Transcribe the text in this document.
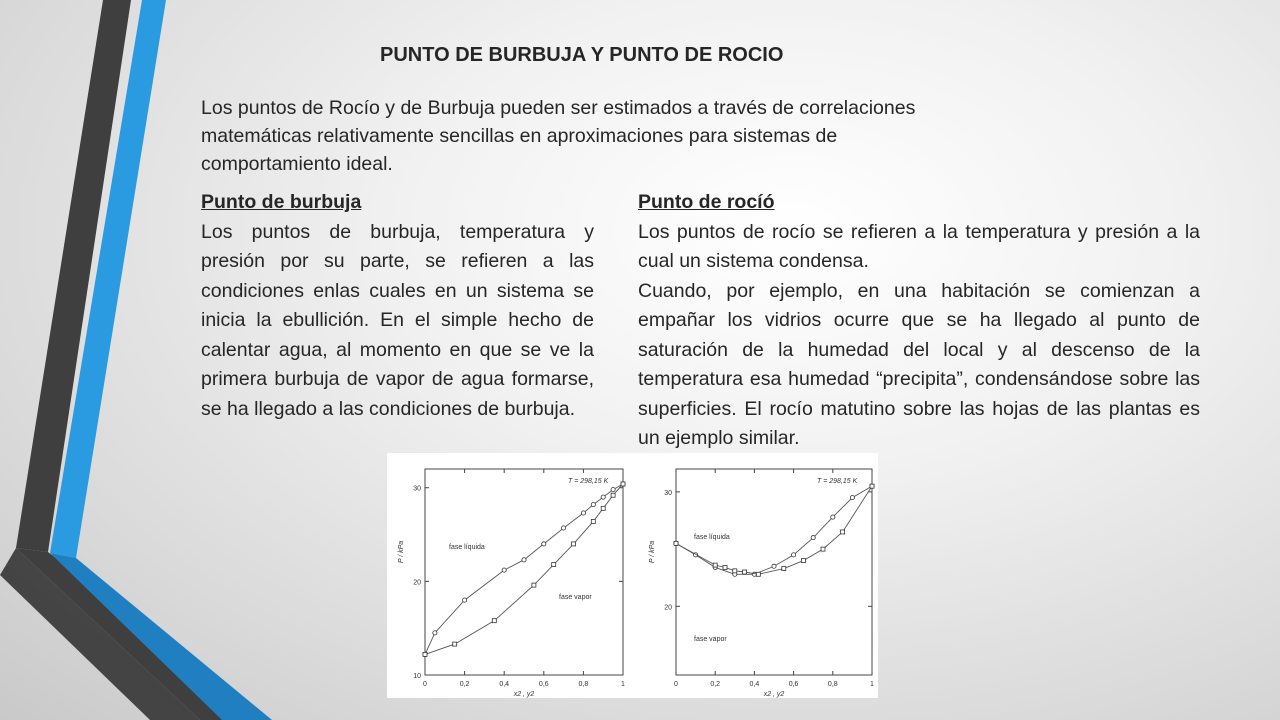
PUNTO DE BURBUJA Y PUNTO DE ROCIO
Los puntos de Rocío y de Burbuja pueden ser estimados a través de correlaciones matemáticas relativamente sencillas en aproximaciones para sistemas de comportamiento ideal.
Punto de burbuja

Los puntos de burbuja, temperatura y presión por su parte, se refieren a las condiciones enlas cuales en un sistema se inicia la ebullición. En el simple hecho de calentar agua, al momento en que se ve la primera burbuja de vapor de agua formarse, se ha llegado a las condiciones de burbuja.

Punto de rocíó

Los puntos de rocío se refieren a la temperatura y presión a la cual un sistema condensa.

Cuando, por ejemplo, en una habitación se comienzan a empañar los vidrios ocurre que se ha llegado al punto de saturación de la humedad del local y al descenso de la temperatura esa humedad “precipita”, condensándose sobre las superficies. El rocío matutino sobre las hojas de las plantas es un ejemplo similar.

0	0,2	0,4	0,6	0,8	1
10
20
30
x2 , y2
P / kPa
T = 298,15 K
fase líquida
fase vapor
0	0,2	0,4	0,6	0,8	1
20
30
x2 , y2
P / kPa
T = 298,15 K
fase líquida
fase vapor
